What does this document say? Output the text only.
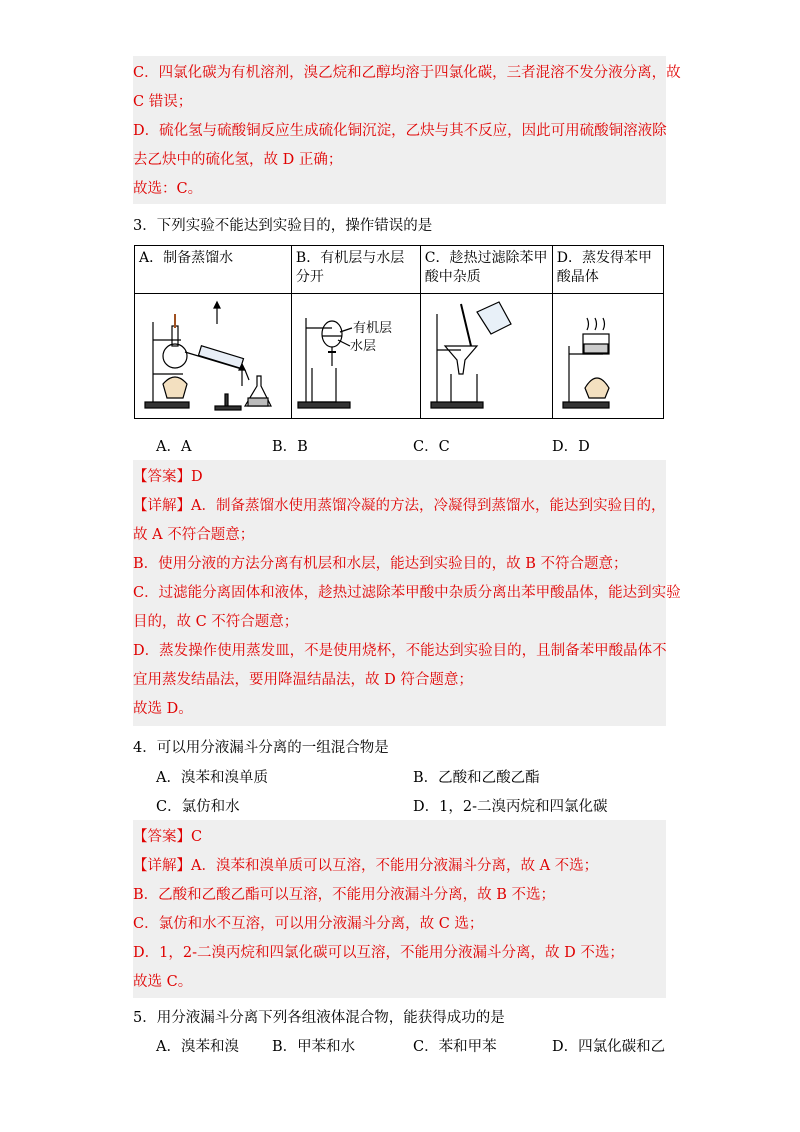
C．四氯化碳为有机溶剂，溴乙烷和乙醇均溶于四氯化碳，三者混溶不发分液分离，故
C 错误；
D．硫化氢与硫酸铜反应生成硫化铜沉淀，乙炔与其不反应，因此可用硫酸铜溶液除
去乙炔中的硫化氢，故 D 正确；
故选：C。
3．下列实验不能达到实验目的，操作错误的是
A．制备蒸馏水	B．有机层与水层分开	C．趁热过滤除苯甲酸中杂质	D．蒸发得苯甲酸晶体

有机层
水层

A．A	B．B	C．C	D．D
【答案】D
【详解】A．制备蒸馏水使用蒸馏冷凝的方法，冷凝得到蒸馏水，能达到实验目的，
故 A 不符合题意；
B．使用分液的方法分离有机层和水层，能达到实验目的，故 B 不符合题意；
C．过滤能分离固体和液体，趁热过滤除苯甲酸中杂质分离出苯甲酸晶体，能达到实验
目的，故 C 不符合题意；
D．蒸发操作使用蒸发皿，不是使用烧杯，不能达到实验目的，且制备苯甲酸晶体不
宜用蒸发结晶法，要用降温结晶法，故 D 符合题意；
故选 D。
4．可以用分液漏斗分离的一组混合物是
A．溴苯和溴单质	B．乙酸和乙酸乙酯
C．氯仿和水	D．1，2-二溴丙烷和四氯化碳
【答案】C
【详解】A．溴苯和溴单质可以互溶，不能用分液漏斗分离，故 A 不选；
B．乙酸和乙酸乙酯可以互溶，不能用分液漏斗分离，故 B 不选；
C．氯仿和水不互溶，可以用分液漏斗分离，故 C 选；
D．1，2-二溴丙烷和四氯化碳可以互溶，不能用分液漏斗分离，故 D 不选；
故选 C。
5．用分液漏斗分离下列各组液体混合物，能获得成功的是
A．溴苯和溴 B．甲苯和水	C．苯和甲苯	D．四氯化碳和乙
